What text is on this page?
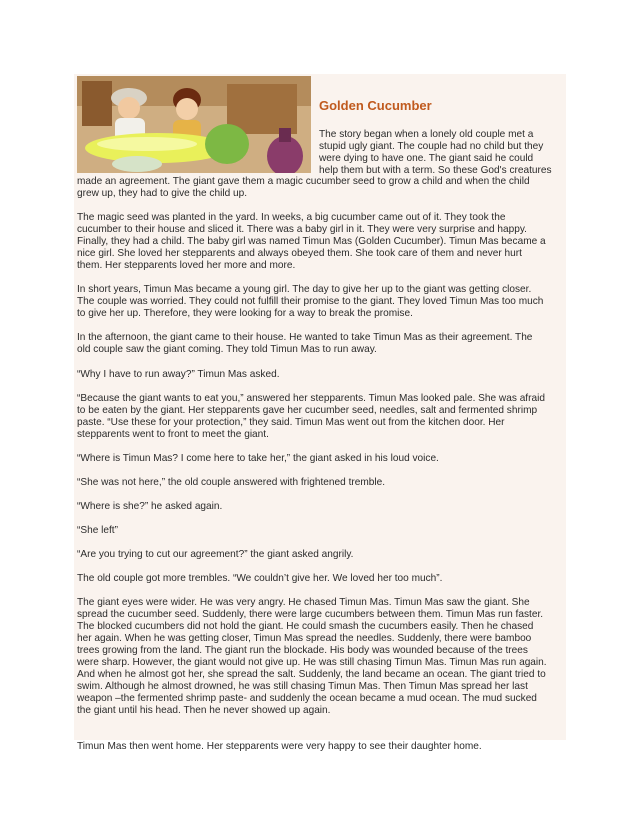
Golden Cucumber
The story began when a lonely old couple met a
stupid ugly giant. The couple had no child but they
were dying to have one. The giant said he could
help them but with a term. So these God's creatures
made an agreement. The giant gave them a magic cucumber seed to grow a child and when the child
grew up, they had to give the child up.
The magic seed was planted in the yard. In weeks, a big cucumber came out of it. They took the
cucumber to their house and sliced it. There was a baby girl in it. They were very surprise and happy.
Finally, they had a child. The baby girl was named Timun Mas (Golden Cucumber). Timun Mas became a
nice girl. She loved her stepparents and always obeyed them. She took care of them and never hurt
them. Her stepparents loved her more and more.
In short years, Timun Mas became a young girl. The day to give her up to the giant was getting closer.
The couple was worried. They could not fulfill their promise to the giant. They loved Timun Mas too much
to give her up. Therefore, they were looking for a way to break the promise.
In the afternoon, the giant came to their house. He wanted to take Timun Mas as their agreement. The
old couple saw the giant coming. They told Timun Mas to run away.
“Why I have to run away?” Timun Mas asked.
“Because the giant wants to eat you,” answered her stepparents. Timun Mas looked pale. She was afraid
to be eaten by the giant. Her stepparents gave her cucumber seed, needles, salt and fermented shrimp
paste. “Use these for your protection,” they said. Timun Mas went out from the kitchen door. Her
stepparents went to front to meet the giant.
“Where is Timun Mas? I come here to take her,” the giant asked in his loud voice.
“She was not here,” the old couple answered with frightened tremble.
“Where is she?” he asked again.
“She left”
“Are you trying to cut our agreement?” the giant asked angrily.
The old couple got more trembles. “We couldn’t give her. We loved her too much”.
The giant eyes were wider. He was very angry. He chased Timun Mas. Timun Mas saw the giant. She
spread the cucumber seed. Suddenly, there were large cucumbers between them. Timun Mas run faster.
The blocked cucumbers did not hold the giant. He could smash the cucumbers easily. Then he chased
her again. When he was getting closer, Timun Mas spread the needles. Suddenly, there were bamboo
trees growing from the land. The giant run the blockade. His body was wounded because of the trees
were sharp. However, the giant would not give up. He was still chasing Timun Mas. Timun Mas run again.
And when he almost got her, she spread the salt. Suddenly, the land became an ocean. The giant tried to
swim. Although he almost drowned, he was still chasing Timun Mas. Then Timun Mas spread her last
weapon –the fermented shrimp paste- and suddenly the ocean became a mud ocean. The mud sucked
the giant until his head. Then he never showed up again.
Timun Mas then went home. Her stepparents were very happy to see their daughter home.
